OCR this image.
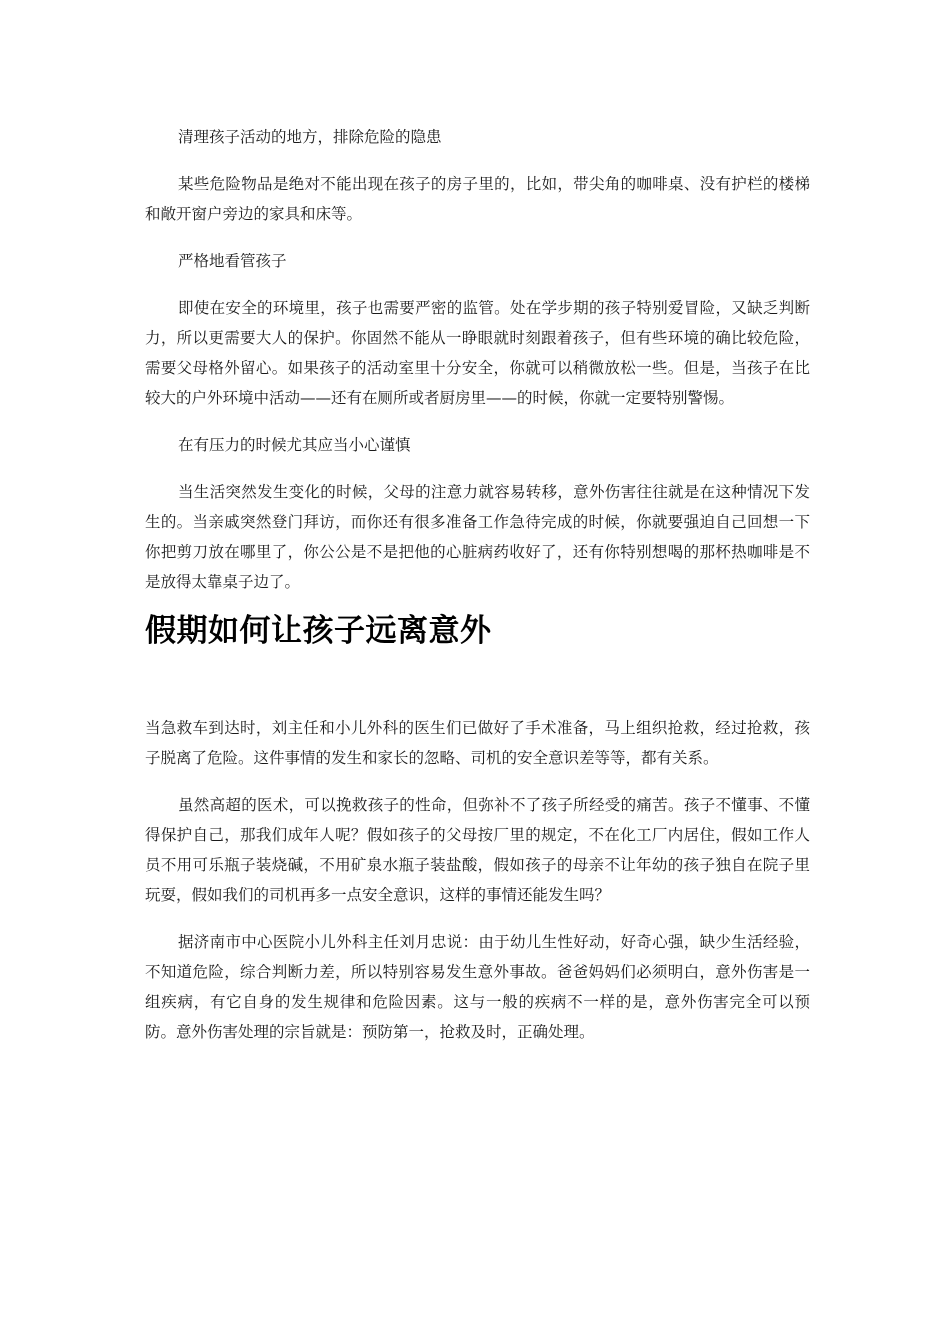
清理孩子活动的地方，排除危险的隐患

某些危险物品是绝对不能出现在孩子的房子里的，比如，带尖角的咖啡桌、没有护栏的楼梯和敞开窗户旁边的家具和床等。

严格地看管孩子

即使在安全的环境里，孩子也需要严密的监管。处在学步期的孩子特别爱冒险，又缺乏判断力，所以更需要大人的保护。你固然不能从一睁眼就时刻跟着孩子，但有些环境的确比较危险，需要父母格外留心。如果孩子的活动室里十分安全，你就可以稍微放松一些。但是，当孩子在比较大的户外环境中活动——还有在厕所或者厨房里——的时候，你就一定要特别警惕。

在有压力的时候尤其应当小心谨慎

当生活突然发生变化的时候，父母的注意力就容易转移，意外伤害往往就是在这种情况下发生的。当亲戚突然登门拜访，而你还有很多准备工作急待完成的时候，你就要强迫自己回想一下你把剪刀放在哪里了，你公公是不是把他的心脏病药收好了，还有你特别想喝的那杯热咖啡是不是放得太靠桌子边了。

假期如何让孩子远离意外

当急救车到达时，刘主任和小儿外科的医生们已做好了手术准备，马上组织抢救，经过抢救，孩子脱离了危险。这件事情的发生和家长的忽略、司机的安全意识差等等，都有关系。

虽然高超的医术，可以挽救孩子的性命，但弥补不了孩子所经受的痛苦。孩子不懂事、不懂得保护自己，那我们成年人呢？假如孩子的父母按厂里的规定，不在化工厂内居住，假如工作人员不用可乐瓶子装烧碱，不用矿泉水瓶子装盐酸，假如孩子的母亲不让年幼的孩子独自在院子里玩耍，假如我们的司机再多一点安全意识，这样的事情还能发生吗？

据济南市中心医院小儿外科主任刘月忠说：由于幼儿生性好动，好奇心强，缺少生活经验，不知道危险，综合判断力差，所以特别容易发生意外事故。爸爸妈妈们必须明白，意外伤害是一组疾病，有它自身的发生规律和危险因素。这与一般的疾病不一样的是，意外伤害完全可以预防。意外伤害处理的宗旨就是：预防第一，抢救及时，正确处理。
